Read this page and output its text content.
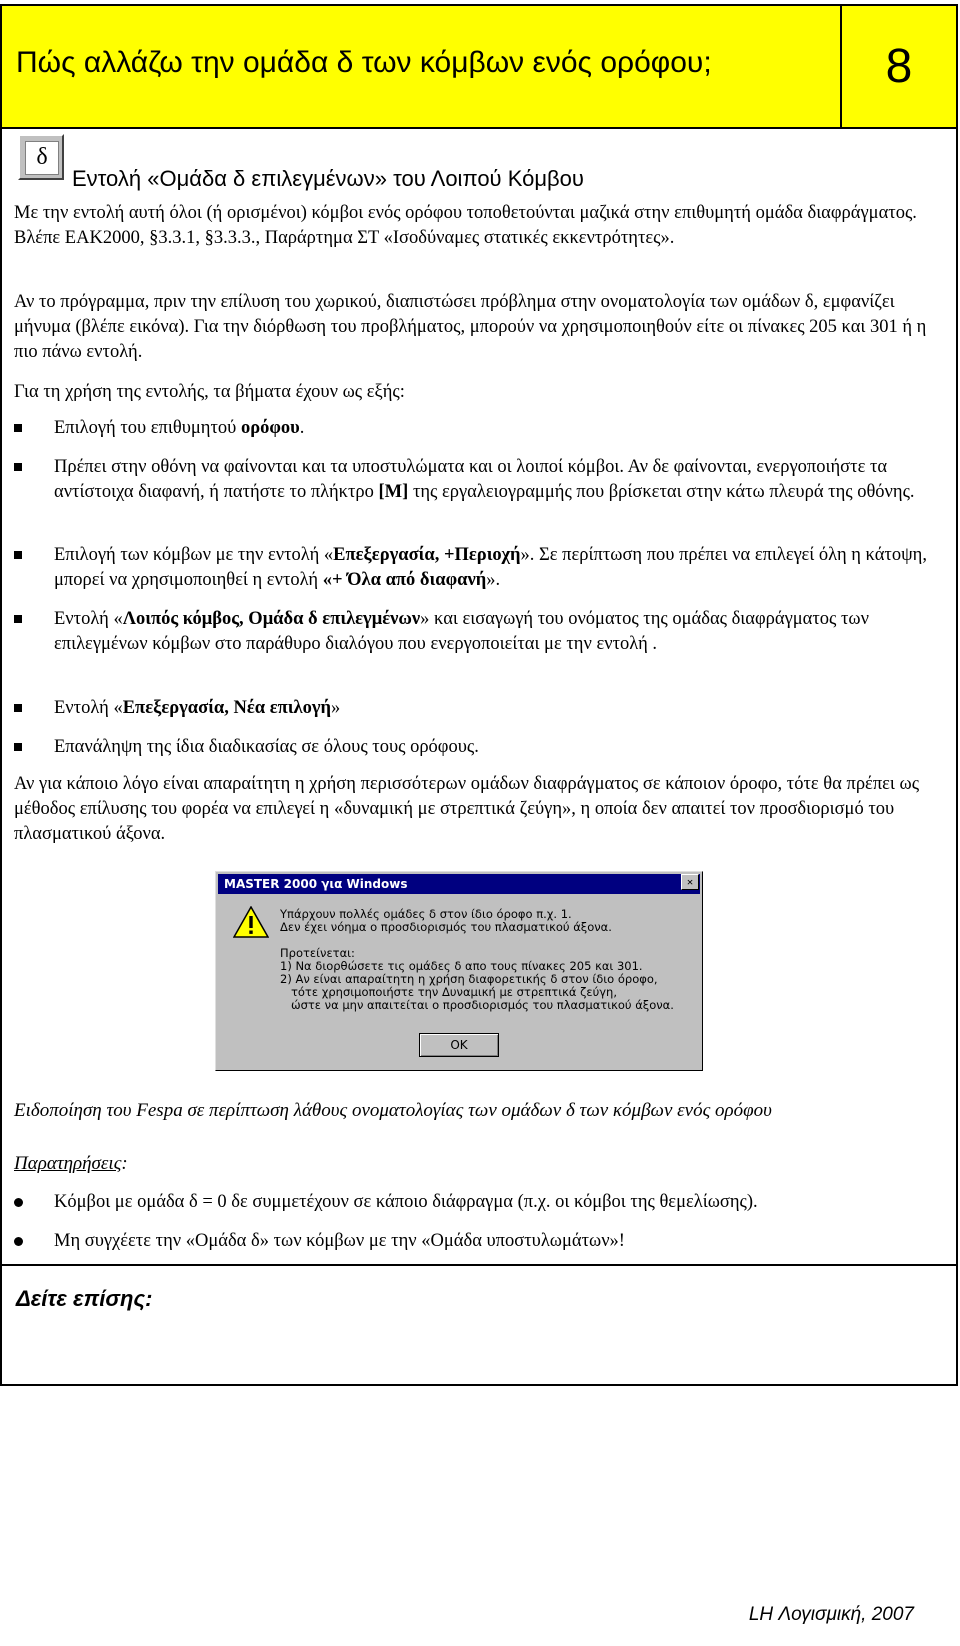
Πώς αλλάζω την ομάδα δ των κόμβων ενός ορόφου;	8
Δείτε επίσης:
δ
Εντολή «Ομάδα δ επιλεγμένων» του Λοιπού Κόμβου

Με την εντολή αυτή όλοι (ή ορισμένοι) κόμβοι ενός ορόφου τοποθετούνται μαζικά στην επιθυμητή ομάδα διαφράγματος. Βλέπε ΕΑΚ2000, §3.3.1, §3.3.3., Παράρτημα ΣΤ «Ισοδύναμες στατικές εκκεντρότητες».

Αν το πρόγραμμα, πριν την επίλυση του χωρικού, διαπιστώσει πρόβλημα στην ονοματολογία των ομάδων δ, εμφανίζει μήνυμα (βλέπε εικόνα). Για την διόρθωση του προβλήματος, μπορούν να χρησιμοποιηθούν είτε οι πίνακες 205 και 301 ή η πιο πάνω εντολή.

Για τη χρήση της εντολής, τα βήματα έχουν ως εξής:

Επιλογή του επιθυμητού ορόφου.
Πρέπει στην οθόνη να φαίνονται και τα υποστυλώματα και οι λοιποί κόμβοι. Αν δε φαίνονται, ενεργοποιήστε τα αντίστοιχα διαφανή, ή πατήστε το πλήκτρο [M] της εργαλειογραμμής που βρίσκεται στην κάτω πλευρά της οθόνης.
Επιλογή των κόμβων με την εντολή «Επεξεργασία, +Περιοχή». Σε περίπτωση που πρέπει να επιλεγεί όλη η κάτοψη, μπορεί να χρησιμοποιηθεί η εντολή «+ Όλα από διαφανή».
Εντολή «Λοιπός κόμβος, Ομάδα δ επιλεγμένων» και εισαγωγή του ονόματος της ομάδας διαφράγματος των επιλεγμένων κόμβων στο παράθυρο διαλόγου που ενεργοποιείται με την εντολή .
Εντολή «Επεξεργασία, Νέα επιλογή»
Επανάληψη της ίδια διαδικασίας σε όλους τους ορόφους.

Αν για κάποιο λόγο είναι απαραίτητη η χρήση περισσότερων ομάδων διαφράγματος σε κάποιον όροφο, τότε θα πρέπει ως μέθοδος επίλυσης του φορέα να επιλεγεί η «δυναμική με στρεπτικά ζεύγη», η οποία δεν απαιτεί τον προσδιορισμό του πλασματικού άξονα.

MASTER 2000 για Windows	×
Υπάρχουν πολλές ομάδες δ στον ίδιο όροφο π.χ. 1.
Δεν έχει νόημα ο προσδιορισμός του πλασματικού άξονα.

Προτείνεται:
1) Να διορθώσετε τις ομάδες δ απο τους πίνακες 205 και 301.
2) Αν είναι απαραίτητη η χρήση διαφορετικής δ στον ίδιο όροφο,
τότε χρησιμοποιήστε την Δυναμική με στρεπτικά ζεύγη,
ώστε να μην απαιτείται ο προσδιορισμός του πλασματικού άξονα.
OK
Ειδοποίηση του Fespa σε περίπτωση λάθους ονοματολογίας των ομάδων δ των κόμβων ενός ορόφου
Παρατηρήσεις:
Κόμβοι με ομάδα δ = 0 δε συμμετέχουν σε κάποιο διάφραγμα (π.χ. οι κόμβοι της θεμελίωσης).
Μη συγχέετε την «Ομάδα δ» των κόμβων με την «Ομάδα υποστυλωμάτων»!
LH Λογισμική, 2007
